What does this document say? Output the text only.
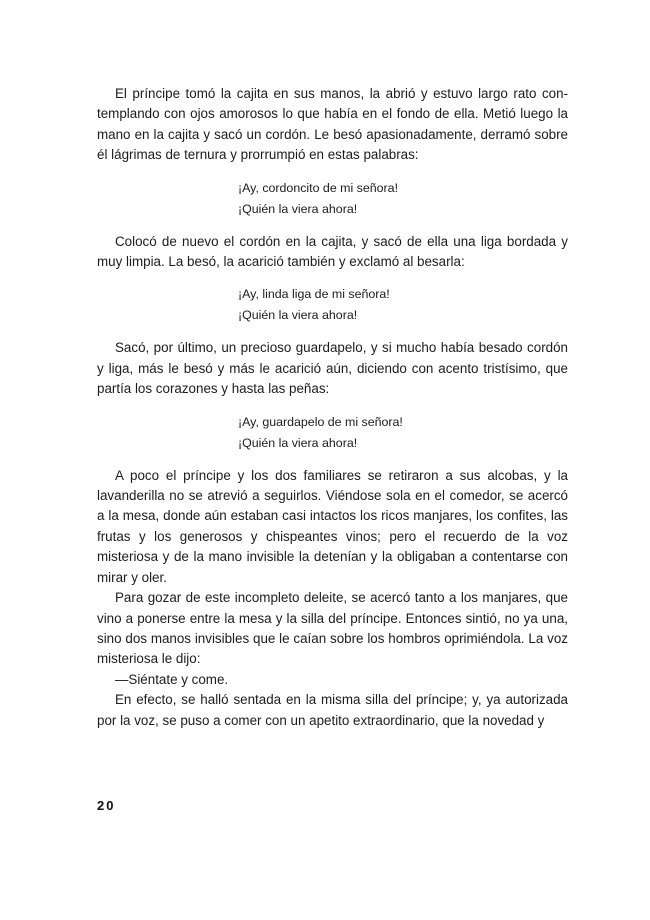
El príncipe tomó la cajita en sus manos, la abrió y estuvo largo rato contemplando con ojos amorosos lo que había en el fondo de ella. Metió luego la mano en la cajita y sacó un cordón. Le besó apasionadamente, derramó sobre él lágrimas de ternura y prorrumpió en estas palabras:

¡Ay, cordoncito de mi señora!
¡Quién la viera ahora!

Colocó de nuevo el cordón en la cajita, y sacó de ella una liga bordada y muy limpia. La besó, la acarició también y exclamó al besarla:

¡Ay, linda liga de mi señora!
¡Quién la viera ahora!

Sacó, por último, un precioso guardapelo, y si mucho había besado cordón y liga, más le besó y más le acarició aún, diciendo con acento tristísimo, que partía los corazones y hasta las peñas:

¡Ay, guardapelo de mi señora!
¡Quién la viera ahora!

A poco el príncipe y los dos familiares se retiraron a sus alcobas, y la lavanderilla no se atrevió a seguirlos. Viéndose sola en el comedor, se acercó a la mesa, donde aún estaban casi intactos los ricos manjares, los confites, las frutas y los generosos y chispeantes vinos; pero el recuerdo de la voz misteriosa y de la mano invisible la detenían y la obligaban a contentarse con mirar y oler.

Para gozar de este incompleto deleite, se acercó tanto a los manjares, que vino a ponerse entre la mesa y la silla del príncipe. Entonces sintió, no ya una, sino dos manos invisibles que le caían sobre los hombros oprimiéndola. La voz misteriosa le dijo:

—Siéntate y come.

En efecto, se halló sentada en la misma silla del príncipe; y, ya autorizada por la voz, se puso a comer con un apetito extraordinario, que la novedad y

20
